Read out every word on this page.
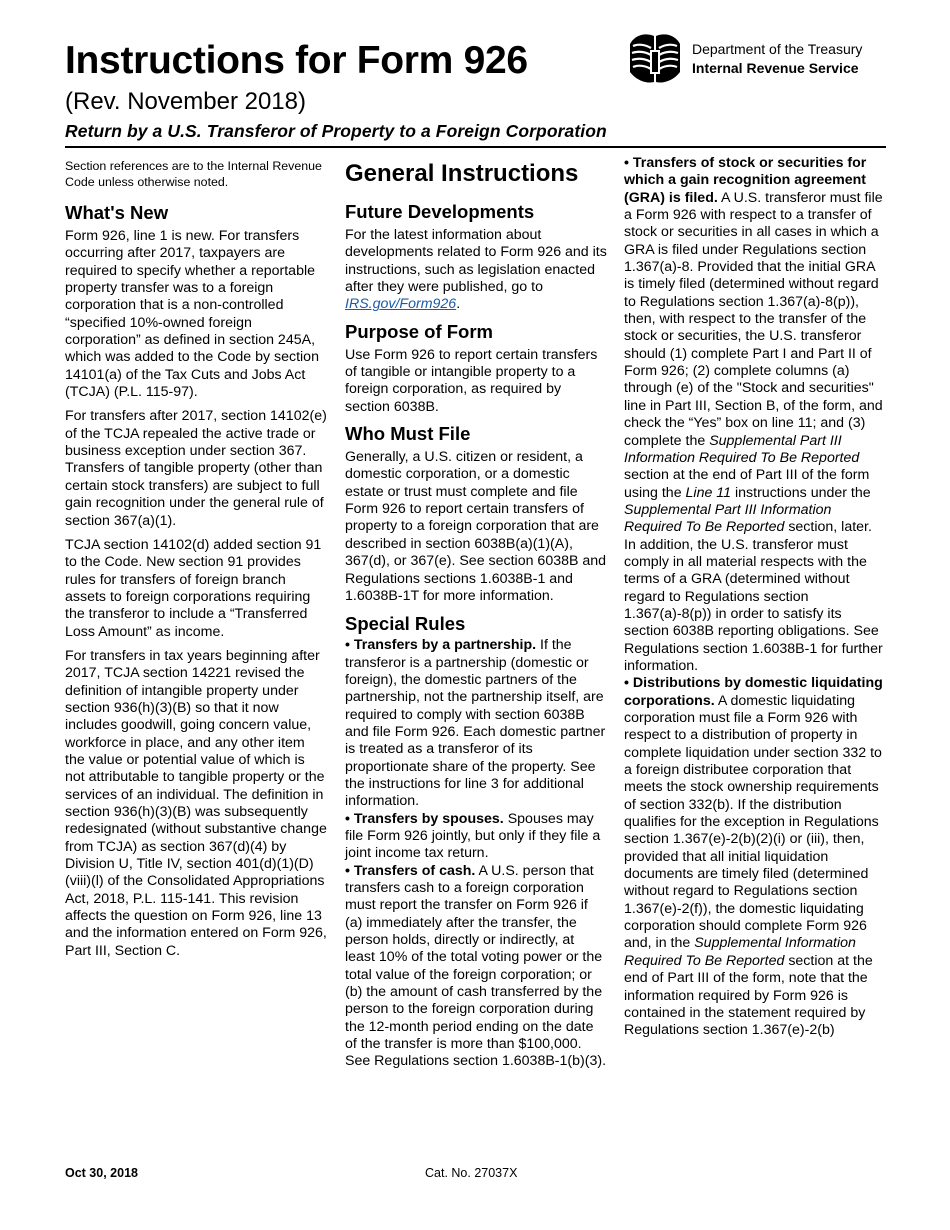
Instructions for Form 926
(Rev. November 2018)
Return by a U.S. Transferor of Property to a Foreign Corporation
Department of the Treasury
Internal Revenue Service

Section references are to the Internal Revenue Code unless otherwise noted.

What's New

Form 926, line 1 is new. For transfers occurring after 2017, taxpayers are required to specify whether a reportable property transfer was to a foreign corporation that is a non-controlled “specified 10%-owned foreign corporation” as defined in section 245A, which was added to the Code by section 14101(a) of the Tax Cuts and Jobs Act (TCJA) (P.L. 115-97).

For transfers after 2017, section 14102(e) of the TCJA repealed the active trade or business exception under section 367. Transfers of tangible property (other than certain stock transfers) are subject to full gain recognition under the general rule of section 367(a)(1).

TCJA section 14102(d) added section 91 to the Code. New section 91 provides rules for transfers of foreign branch assets to foreign corporations requiring the transferor to include a “Transferred Loss Amount” as income.

For transfers in tax years beginning after 2017, TCJA section 14221 revised the definition of intangible property under section 936(h)(3)(B) so that it now includes goodwill, going concern value, workforce in place, and any other item the value or potential value of which is not attributable to tangible property or the services of an individual. The definition in section 936(h)(3)(B) was subsequently redesignated (without substantive change from TCJA) as section 367(d)(4) by Division U, Title IV, section 401(d)(1)(D)(viii)(l) of the Consolidated Appropriations Act, 2018, P.L. 115-141. This revision affects the question on Form 926, line 13 and the information entered on Form 926, Part III, Section C.

General Instructions
Future Developments

For the latest information about developments related to Form 926 and its instructions, such as legislation enacted after they were published, go to IRS.gov/Form926.

Purpose of Form

Use Form 926 to report certain transfers of tangible or intangible property to a foreign corporation, as required by section 6038B.

Who Must File

Generally, a U.S. citizen or resident, a domestic corporation, or a domestic estate or trust must complete and file Form 926 to report certain transfers of property to a foreign corporation that are described in section 6038B(a)(1)(A), 367(d), or 367(e). See section 6038B and Regulations sections 1.6038B-1 and 1.6038B-1T for more information.

Special Rules

• Transfers by a partnership. If the transferor is a partnership (domestic or foreign), the domestic partners of the partnership, not the partnership itself, are required to comply with section 6038B and file Form 926. Each domestic partner is treated as a transferor of its proportionate share of the property. See the instructions for line 3 for additional information.

• Transfers by spouses. Spouses may file Form 926 jointly, but only if they file a joint income tax return.

• Transfers of cash. A U.S. person that transfers cash to a foreign corporation must report the transfer on Form 926 if (a) immediately after the transfer, the person holds, directly or indirectly, at least 10% of the total voting power or the total value of the foreign corporation; or (b) the amount of cash transferred by the person to the foreign corporation during the 12-month period ending on the date of the transfer is more than $100,000. See Regulations section 1.6038B-1(b)(3).

• Transfers of stock or securities for which a gain recognition agreement (GRA) is filed. A U.S. transferor must file a Form 926 with respect to a transfer of stock or securities in all cases in which a GRA is filed under Regulations section 1.367(a)-8. Provided that the initial GRA is timely filed (determined without regard to Regulations section 1.367(a)-8(p)), then, with respect to the transfer of the stock or securities, the U.S. transferor should (1) complete Part I and Part II of Form 926; (2) complete columns (a) through (e) of the "Stock and securities" line in Part III, Section B, of the form, and check the “Yes” box on line 11; and (3) complete the Supplemental Part III Information Required To Be Reported section at the end of Part III of the form using the Line 11 instructions under the Supplemental Part III Information Required To Be Reported section, later. In addition, the U.S. transferor must comply in all material respects with the terms of a GRA (determined without regard to Regulations section 1.367(a)-8(p)) in order to satisfy its section 6038B reporting obligations. See Regulations section 1.6038B-1 for further information.

• Distributions by domestic liquidating corporations. A domestic liquidating corporation must file a Form 926 with respect to a distribution of property in complete liquidation under section 332 to a foreign distributee corporation that meets the stock ownership requirements of section 332(b). If the distribution qualifies for the exception in Regulations section 1.367(e)-2(b)(2)(i) or (iii), then, provided that all initial liquidation documents are timely filed (determined without regard to Regulations section 1.367(e)-2(f)), the domestic liquidating corporation should complete Form 926 and, in the Supplemental Information Required To Be Reported section at the end of Part III of the form, note that the information required by Form 926 is contained in the statement required by Regulations section 1.367(e)-2(b)

Oct 30, 2018	Cat. No. 27037X
